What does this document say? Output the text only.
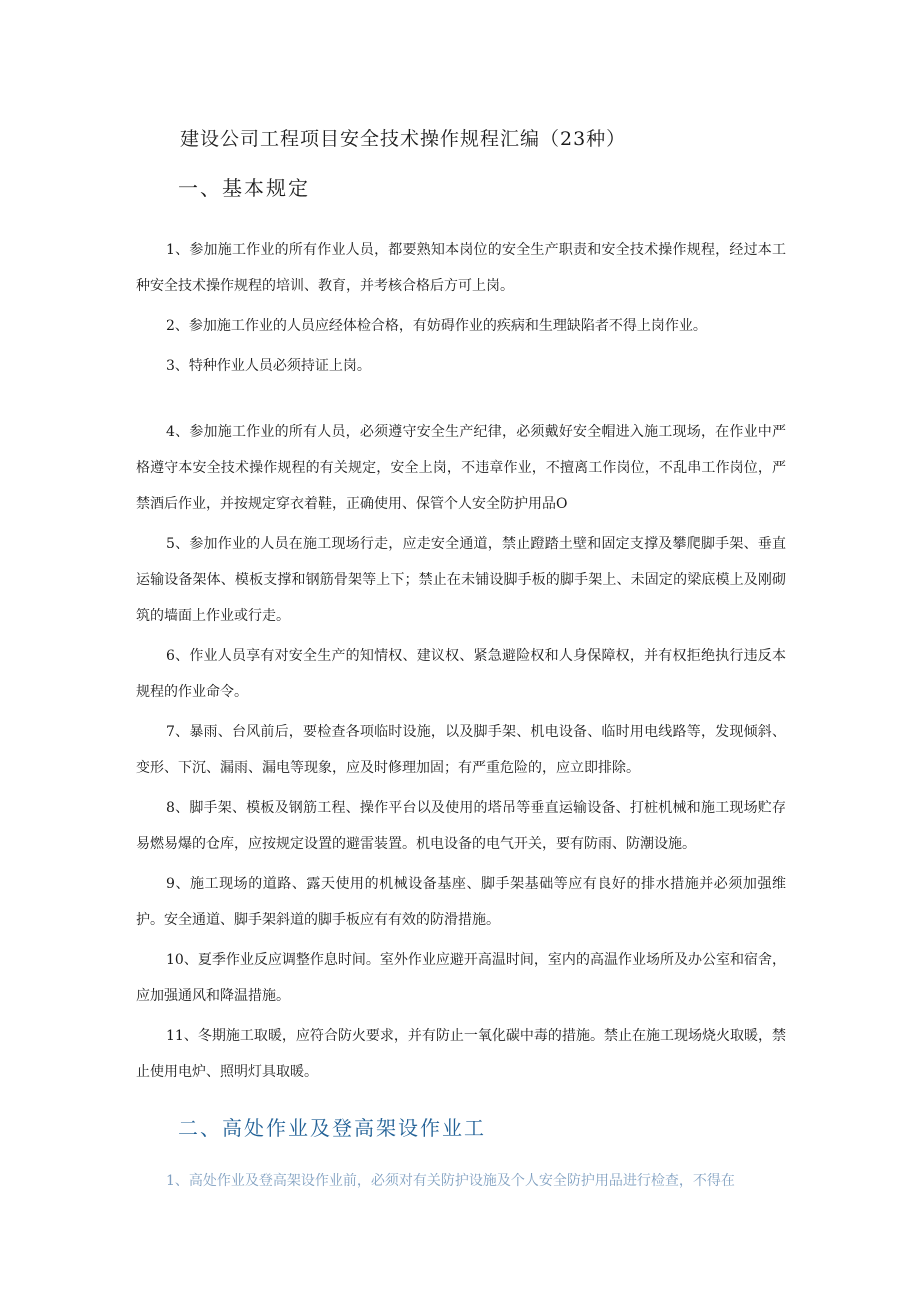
建设公司工程项目安全技术操作规程汇编（23种）
一、基本规定

1、参加施工作业的所有作业人员，都要熟知本岗位的安全生产职责和安全技术操作规程，经过本工种安全技术操作规程的培训、教育，并考核合格后方可上岗。

2、参加施工作业的人员应经体检合格，有妨碍作业的疾病和生理缺陷者不得上岗作业。

3、特种作业人员必须持证上岗。

4、参加施工作业的所有人员，必须遵守安全生产纪律，必须戴好安全帽进入施工现场，在作业中严格遵守本安全技术操作规程的有关规定，安全上岗，不违章作业，不擅离工作岗位，不乱串工作岗位，严禁酒后作业，并按规定穿衣着鞋，正确使用、保管个人安全防护用品O

5、参加作业的人员在施工现场行走，应走安全通道，禁止蹬踏土壁和固定支撑及攀爬脚手架、垂直运输设备架体、模板支撑和钢筋骨架等上下；禁止在未铺设脚手板的脚手架上、未固定的梁底模上及刚砌筑的墙面上作业或行走。

6、作业人员享有对安全生产的知情权、建议权、紧急避险权和人身保障权，并有权拒绝执行违反本规程的作业命令。

7、暴雨、台风前后，要检查各项临时设施，以及脚手架、机电设备、临时用电线路等，发现倾斜、变形、下沉、漏雨、漏电等现象，应及时修理加固；有严重危险的，应立即排除。

8、脚手架、模板及钢筋工程、操作平台以及使用的塔吊等垂直运输设备、打桩机械和施工现场贮存易燃易爆的仓库，应按规定设置的避雷装置。机电设备的电气开关，要有防雨、防潮设施。

9、施工现场的道路、露天使用的机械设备基座、脚手架基础等应有良好的排水措施并必须加强维护。安全通道、脚手架斜道的脚手板应有有效的防滑措施。

10、夏季作业反应调整作息时间。室外作业应避开高温时间，室内的高温作业场所及办公室和宿舍，应加强通风和降温措施。

11、冬期施工取暖，应符合防火要求，并有防止一氧化碳中毒的措施。禁止在施工现场烧火取暖，禁止使用电炉、照明灯具取暖。

二、高处作业及登高架设作业工

1、高处作业及登高架设作业前，必须对有关防护设施及个人安全防护用品进行检查，不得在
